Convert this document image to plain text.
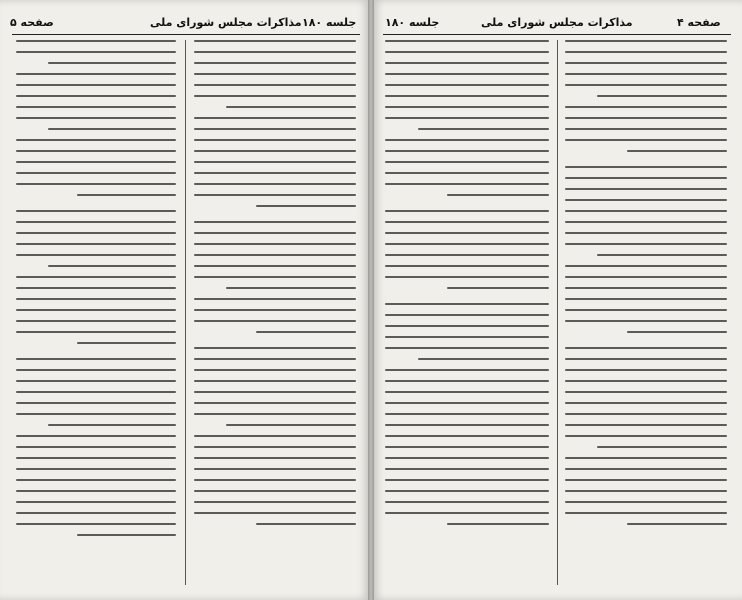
صفحه ۵	مذاکرات مجلس شورای ملی جلسه ۱۸۰	جلسه ۱۸۰	مذاکرات مجلس شورای ملی	صفحه ۴
